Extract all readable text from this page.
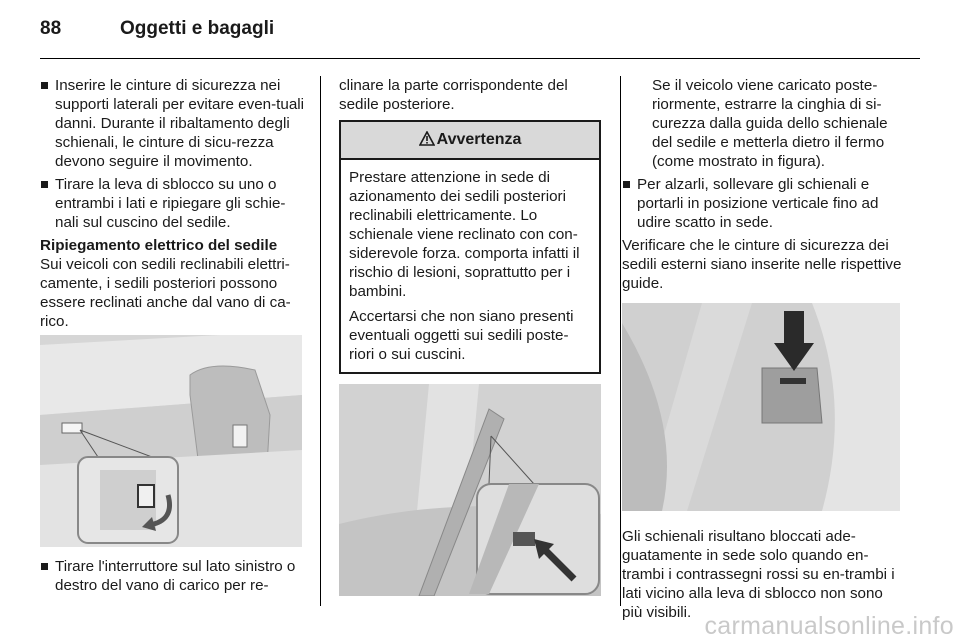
88	Oggetti e bagagli
Inserire le cinture di sicurezza nei supporti laterali per evitare even-tuali danni. Durante il ribaltamento degli schienali, le cinture di sicu-rezza devono seguire il movimento.
Tirare la leva di sblocco su uno o entrambi i lati e ripiegare gli schie-nali sul cuscino del sedile.
Ripiegamento elettrico del sedile
Sui veicoli con sedili reclinabili elettri-camente, i sedili posteriori possono essere reclinati anche dal vano di ca-rico.
Tirare l'interruttore sul lato sinistro o destro del vano di carico per re-
clinare la parte corrispondente del sedile posteriore.
Avvertenza

Prestare attenzione in sede di azionamento dei sedili posteriori reclinabili elettricamente. Lo schienale viene reclinato con con-siderevole forza. comporta infatti il rischio di lesioni, soprattutto per i bambini.

Accertarsi che non siano presenti eventuali oggetti sui sedili poste-riori o sui cuscini.

Se il veicolo viene caricato poste-riormente, estrarre la cinghia di si-curezza dalla guida dello schienale del sedile e metterla dietro il fermo (come mostrato in figura).
Per alzarli, sollevare gli schienali e portarli in posizione verticale fino ad udire scatto in sede.
Verificare che le cinture di sicurezza dei sedili esterni siano inserite nelle rispettive guide.
Gli schienali risultano bloccati ade-guatamente in sede solo quando en-trambi i contrassegni rossi su en-trambi i lati vicino alla leva di sblocco non sono più visibili. carmanualsonline.info
